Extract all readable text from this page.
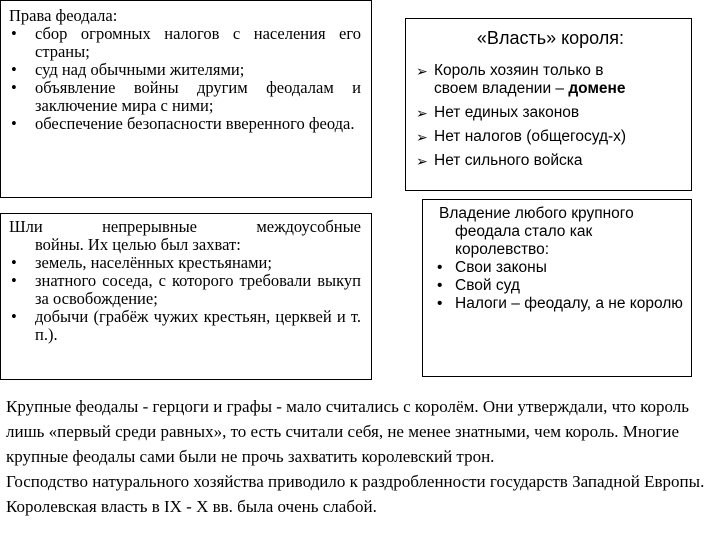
Права феодала:
• сбор огромных налогов с населения его страны;
• суд над обычными жителями;
• объявление войны другим феодалам и заключение мира с ними;
• обеспечение безопасности вверенного феода.
Шли непрерывные междоусобные
войны. Их целью был захват:
• земель, населённых крестьянами;
• знатного соседа, с которого требовали выкуп за освобождение;
• добычи (грабёж чужих крестьян, церквей и т. п.).
«Власть» короля:
➢ Король хозяин только в
своем владении – домене
➢ Нет единых законов
➢ Нет налогов (общегосуд-х)
➢ Нет сильного войска
Владение любого крупного
феодала стало как
королевство:
• Свои законы
• Свой суд
• Налоги – феодалу, а не королю

Крупные феодалы - герцоги и графы - мало считались с королём. Они утверждали, что король лишь «первый среди равных», то есть считали себя, не менее знатными, чем король. Многие крупные феодалы сами были не прочь захватить королевский трон.

Господство натурального хозяйства приводило к раздробленности государств Западной Европы. Королевская власть в IX - X вв. была очень слабой.
